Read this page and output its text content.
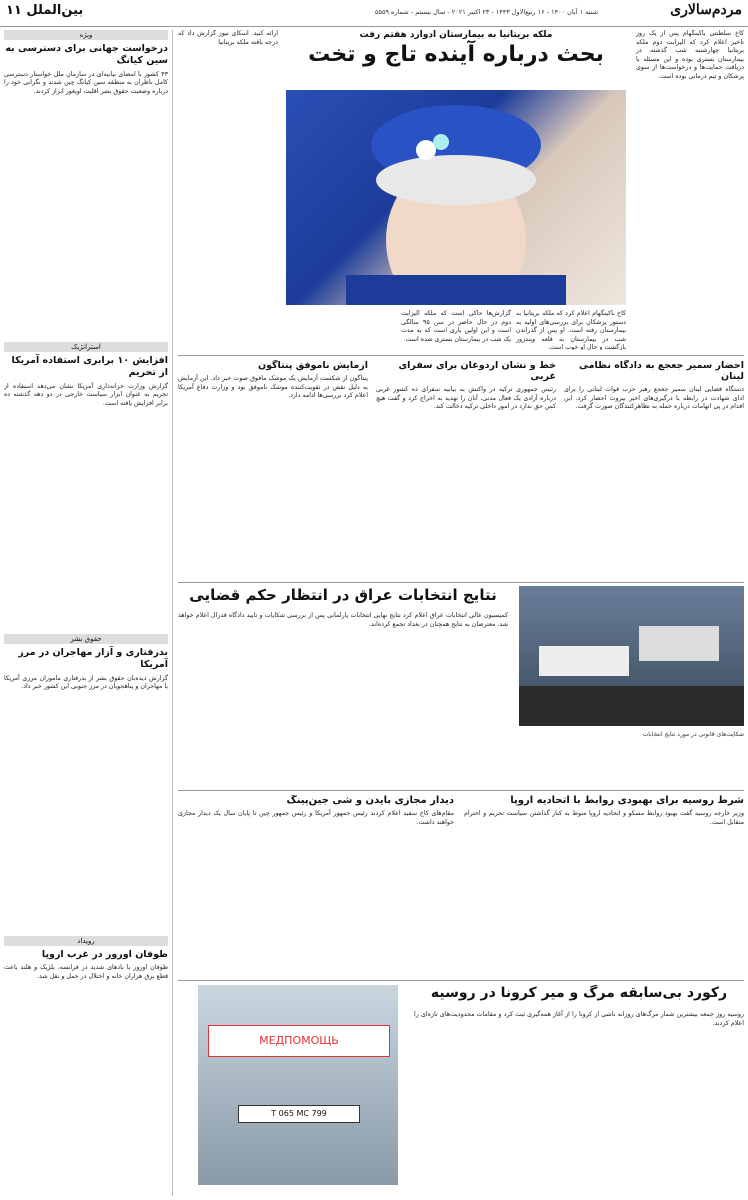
مردم‌سالاری
شنبه ۱ آبان ۱۴۰۰ - ۱۶ ربیع‌الاول ۱۴۴۳ - ۲۳ اکتبر ۲۰۲۱ - سال بیستم - شماره ۵۵۵۹
بین‌الملل ۱۱
ویژه
درخواست جهانی برای دسترسی به سین کیانگ
۴۳ کشور با امضای بیانیه‌ای در سازمان ملل خواستار دسترسی کامل ناظران به منطقه سین کیانگ چین شدند و نگرانی خود را درباره وضعیت حقوق بشر اقلیت اویغور ابراز کردند.
استراتژیک
افزایش ۱۰ برابری استفاده آمریکا از تحریم
گزارش وزارت خزانه‌داری آمریکا نشان می‌دهد استفاده از تحریم به عنوان ابزار سیاست خارجی در دو دهه گذشته ده برابر افزایش یافته است.
حقوق بشر
بدرفتاری و آزار مهاجران در مرز آمریکا
گزارش دیده‌بان حقوق بشر از بدرفتاری ماموران مرزی آمریکا با مهاجران و پناهجویان در مرز جنوبی این کشور خبر داد.
رویداد
طوفان اورور در غرب اروپا
طوفان اورور با بادهای شدید در فرانسه، بلژیک و هلند باعث قطع برق هزاران خانه و اختلال در حمل و نقل شد.
کاخ سلطنتی باکینگهام پس از یک روز تاخیر اعلام کرد که الیزابت دوم ملکه بریتانیا چهارشنبه شب گذشته در بیمارستان بستری بوده و این مسئله با دریافت حمایت‌ها و درخواست‌ها از سوی پزشکان و تیم درمانی بوده است.
ملکه بریتانیا به بیمارستان ادوارد هفتم رفت
بحث درباره آینده تاج و تخت
کاخ باکینگهام اعلام کرد که ملکه بریتانیا به دستور پزشکان برای بررسی‌های اولیه به بیمارستان رفته است. او پس از گذراندن شب در بیمارستان به قلعه ویندزور بازگشت و حال او خوب است.
گزارش‌ها حاکی است که ملکه الیزابت دوم در حال حاضر در سن ۹۵ سالگی است و این اولین باری است که به مدت یک شب در بیمارستان بستری شده است.
ارائه کنید. اسکای نیوز گزارش داد که درجه یافته ملکه بریتانیا
احضار سمیر جعجع به دادگاه نظامی لبنان
دستگاه قضایی لبنان سمیر جعجع رهبر حزب قوات لبنانی را برای ادای شهادت در رابطه با درگیری‌های اخیر بیروت احضار کرد. این اقدام در پی اتهامات درباره حمله به تظاهرکنندگان صورت گرفت.
خط و نشان اردوغان برای سفرای غربی
رئیس جمهوری ترکیه در واکنش به بیانیه سفرای ده کشور غربی درباره آزادی یک فعال مدنی، آنان را تهدید به اخراج کرد و گفت هیچ کس حق ندارد در امور داخلی ترکیه دخالت کند.
آزمایش ناموفق پنتاگون
پنتاگون از شکست آزمایش یک موشک مافوق صوت خبر داد. این آزمایش به دلیل نقص در تقویت‌کننده موشک ناموفق بود و وزارت دفاع آمریکا اعلام کرد بررسی‌ها ادامه دارد.
نتایج انتخابات عراق در انتظار حکم قضایی
کمیسیون عالی انتخابات عراق اعلام کرد نتایج نهایی انتخابات پارلمانی پس از بررسی شکایات و تایید دادگاه فدرال اعلام خواهد شد. معترضان به نتایج همچنان در بغداد تجمع کرده‌اند.
شکایت‌های قانونی در مورد نتایج انتخابات
شرط روسیه برای بهبودی روابط با اتحادیه اروپا
وزیر خارجه روسیه گفت بهبود روابط مسکو و اتحادیه اروپا منوط به کنار گذاشتن سیاست تحریم و احترام متقابل است.
دیدار مجازی بایدن و شی جین‌پینگ
مقام‌های کاخ سفید اعلام کردند رئیس جمهور آمریکا و رئیس جمهور چین تا پایان سال یک دیدار مجازی خواهند داشت.
رکورد بی‌سابقه مرگ و میر کرونا در روسیه
روسیه روز جمعه بیشترین شمار مرگ‌های روزانه ناشی از کرونا را از آغاز همه‌گیری ثبت کرد و مقامات محدودیت‌های تازه‌ای را اعلام کردند.
МЕДПОМОЩЬ
Т 065 МС 799
